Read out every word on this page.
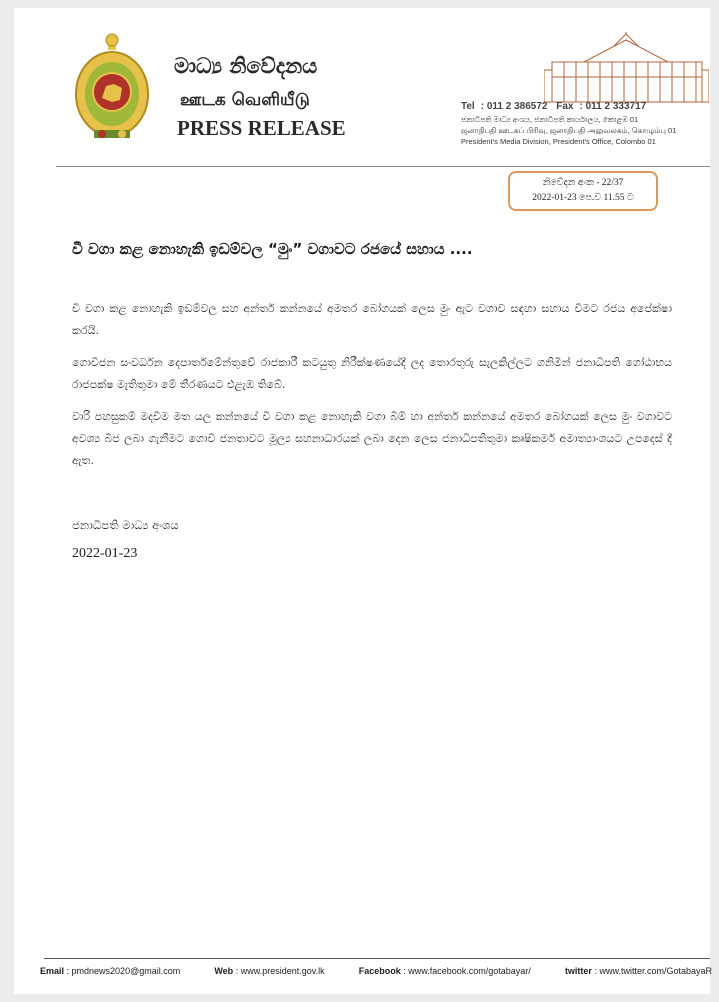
මාධ්‍ය නිවේදනය
ஊடக வெளியீடு
PRESS RELEASE
Tel : 011 2 386572 Fax : 011 2 333717
ජනාධිපති මාධ්‍ය අංශය, ජනාධිපති කාර්යාලය, කොළඹ 01
ஜனாதிபதி ஊடகப் பிரிவு, ஜனாதிபதி அலுவலகம், கொழும்பு 01
President's Media Division, President's Office, Colombo 01
නිවේදන අංක - 22/37
2022-01-23 පෙ.ව 11.55 ට
වී වගා කළ නොහැකි ඉඩම්වල “මුං” වගාවට රජයේ සහාය ....

වී වගා කළ නොහැකි ඉඩම්වල සහ අන්තර් කන්නයේ අමතර බෝගයක් ලෙස මුං ඇට වගාව සඳහා සහාය වීමට රජය අපේක්ෂා කරයි.

ගොවිජන සංවර්ධන දෙපාර්තමේන්තුවේ රාජකාරී කටයුතු නිරීක්ෂණයේදී ලද තොරතුරු සැලකිල්ලට ගනිමින් ජනාධිපති ගෝඨාභය රාජපක්ෂ මැතිතුමා මේ තීරණයට එළැඹ තිබේ.

වාරි පහසුකම් මදවීම මත යල කන්නයේ වී වගා කළ නොහැකි වගා බිම් හා අන්තර් කන්නයේ අමතර බෝගයක් ලෙස මුං වගාවට අවශ්‍ය බීජ ලබා ගැනීමට ගොවි ජනතාවට මූල්‍ය සහනාධාරයක් ලබා දෙන ලෙස ජනාධිපතිතුමා කෘෂිකර්ම අමාත්‍යාංශයට උපදෙස් දී ඇත.

ජනාධිපති මාධ්‍ය අංශය
2022-01-23
Email : pmdnews2020@gmail.com	Web : www.president.gov.lk	Facebook : www.facebook.com/gotabayar/	twitter : www.twitter.com/GotabayaR
